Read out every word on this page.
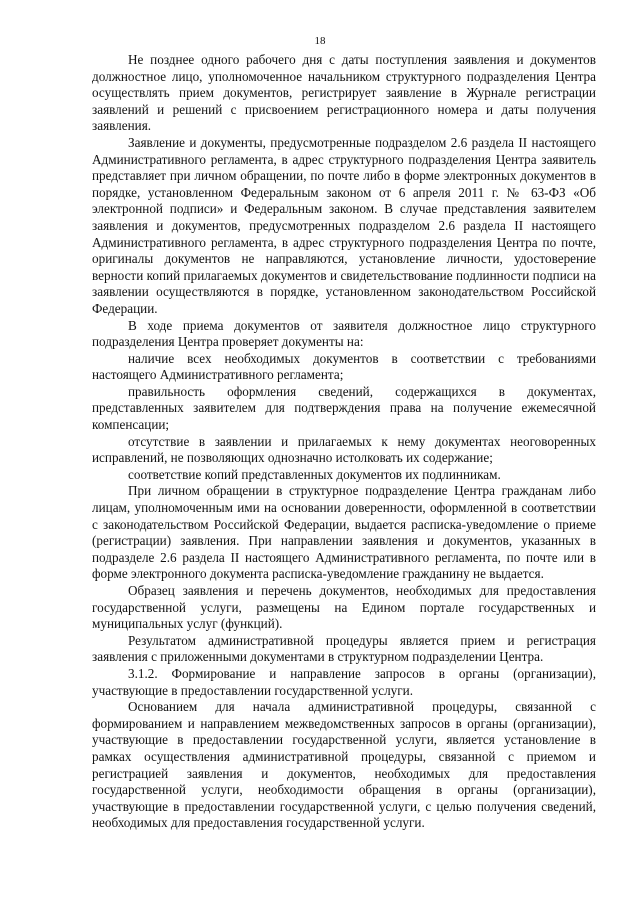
18

Не позднее одного рабочего дня с даты поступления заявления и документов должностное лицо, уполномоченное начальником структурного подразделения Центра осуществлять прием документов, регистрирует заявление в Журнале регистрации заявлений и решений с присвоением регистрационного номера и даты получения заявления.

Заявление и документы, предусмотренные подразделом 2.6 раздела II настоящего Административного регламента, в адрес структурного подразделения Центра заявитель представляет при личном обращении, по почте либо в форме электронных документов в порядке, установленном Федеральным законом от 6 апреля 2011 г. № 63-ФЗ «Об электронной подписи» и Федеральным законом. В случае представления заявителем заявления и документов, предусмотренных подразделом 2.6 раздела II настоящего Административного регламента, в адрес структурного подразделения Центра по почте, оригиналы документов не направляются, установление личности, удостоверение верности копий прилагаемых документов и свидетельствование подлинности подписи на заявлении осуществляются в порядке, установленном законодательством Российской Федерации.

В ходе приема документов от заявителя должностное лицо структурного подразделения Центра проверяет документы на:

наличие всех необходимых документов в соответствии с требованиями настоящего Административного регламента;

правильность оформления сведений, содержащихся в документах, представленных заявителем для подтверждения права на получение ежемесячной компенсации;

отсутствие в заявлении и прилагаемых к нему документах неоговоренных исправлений, не позволяющих однозначно истолковать их содержание;

соответствие копий представленных документов их подлинникам.

При личном обращении в структурное подразделение Центра гражданам либо лицам, уполномоченным ими на основании доверенности, оформленной в соответствии с законодательством Российской Федерации, выдается расписка-уведомление о приеме (регистрации) заявления. При направлении заявления и документов, указанных в подразделе 2.6 раздела II настоящего Административного регламента, по почте или в форме электронного документа расписка-уведомление гражданину не выдается.

Образец заявления и перечень документов, необходимых для предоставления государственной услуги, размещены на Едином портале государственных и муниципальных услуг (функций).

Результатом административной процедуры является прием и регистрация заявления с приложенными документами в структурном подразделении Центра.

3.1.2. Формирование и направление запросов в органы (организации), участвующие в предоставлении государственной услуги.

Основанием для начала административной процедуры, связанной с формированием и направлением межведомственных запросов в органы (организации), участвующие в предоставлении государственной услуги, является установление в рамках осуществления административной процедуры, связанной с приемом и регистрацией заявления и документов, необходимых для предоставления государственной услуги, необходимости обращения в органы (организации), участвующие в предоставлении государственной услуги, с целью получения сведений, необходимых для предоставления государственной услуги.
